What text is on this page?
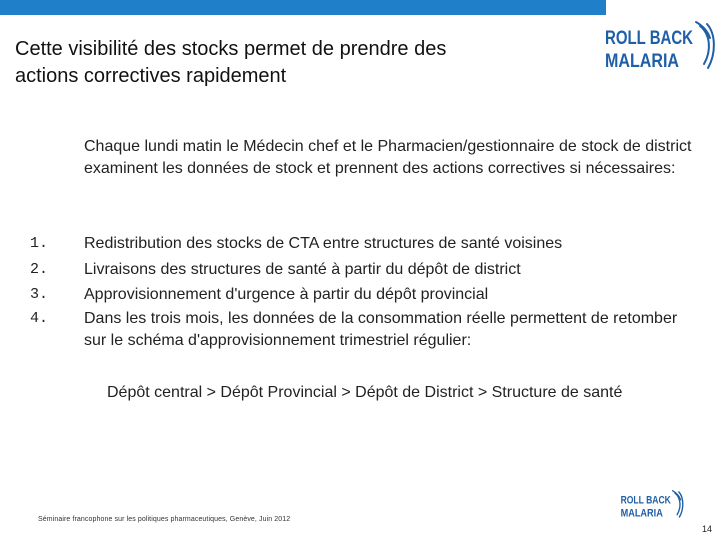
Cette visibilité des stocks permet de prendre des
actions correctives rapidement
ROLL BACK
MALARIA
Chaque lundi matin le Médecin chef et le Pharmacien/gestionnaire de stock de district examinent les données de stock et prennent des actions correctives si nécessaires:
1. Redistribution des stocks de CTA entre structures de santé voisines
2. Livraisons des structures de santé à partir du dépôt de district
3. Approvisionnement d'urgence à partir du dépôt provincial
4. Dans les trois mois, les données de la consommation réelle permettent de retomber sur le schéma d'approvisionnement trimestriel régulier:
Dépôt central > Dépôt Provincial > Dépôt de District > Structure de santé
Séminaire francophone sur les politiques pharmaceutiques, Genève, Juin 2012
ROLL BACK
MALARIA
14
